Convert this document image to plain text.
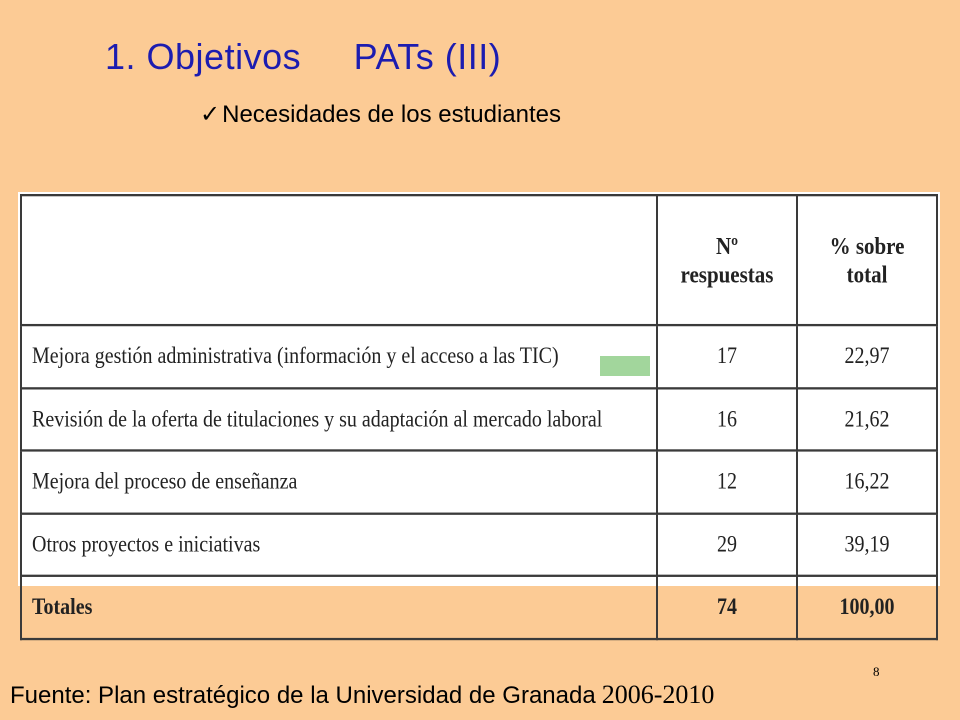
1. Objetivos     PATs (III)
✓Necesidades de los estudiantes
	Nº respuestas	% sobre total
Mejora gestión administrativa (información y el acceso a las TIC)	17	22,97
Revisión de la oferta de titulaciones y su adaptación al mercado laboral	16	21,62
Mejora del proceso de enseñanza	12	16,22
Otros proyectos e iniciativas	29	39,19
Totales	74	100,00
8
Fuente: Plan estratégico de la Universidad de Granada 2006-2010
